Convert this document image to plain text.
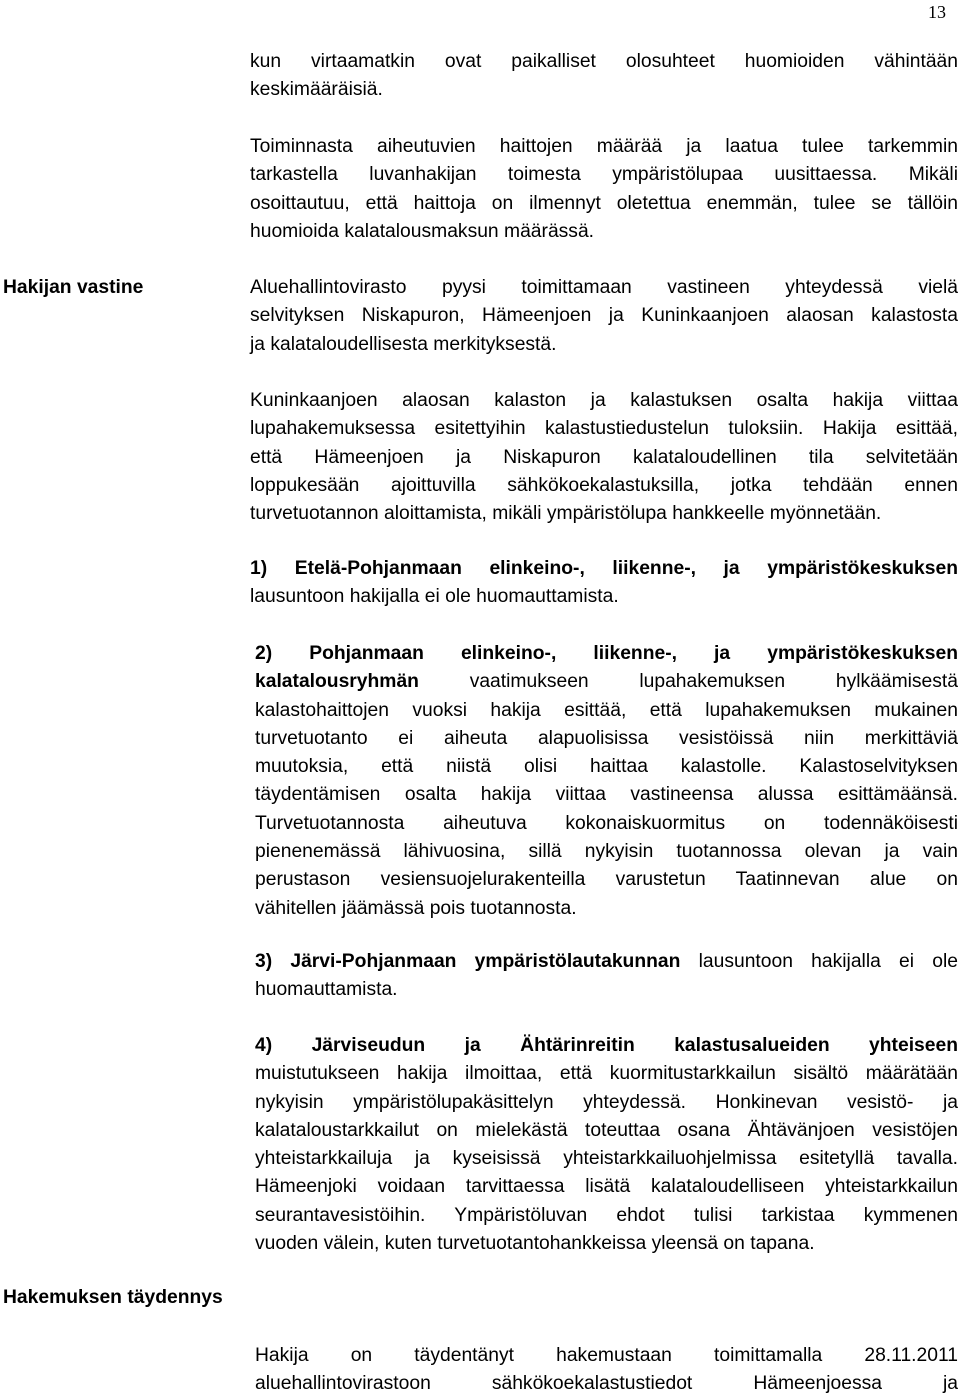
13
kun virtaamatkin ovat paikalliset olosuhteet huomioiden vähintään
keskimääräisiä.
Toiminnasta aiheutuvien haittojen määrää ja laatua tulee tarkemmin
tarkastella luvanhakijan toimesta ympäristölupaa uusittaessa. Mikäli
osoittautuu, että haittoja on ilmennyt oletettua enemmän, tulee se tällöin
huomioida kalatalousmaksun määrässä.
Hakijan vastine	Aluehallintovirasto pyysi toimittamaan vastineen yhteydessä vielä
selvityksen Niskapuron, Hämeenjoen ja Kuninkaanjoen alaosan kalastosta
ja kalataloudellisesta merkityksestä.
Kuninkaanjoen alaosan kalaston ja kalastuksen osalta hakija viittaa
lupahakemuksessa esitettyihin kalastustiedustelun tuloksiin. Hakija esittää,
että Hämeenjoen ja Niskapuron kalataloudellinen tila selvitetään
loppukesään ajoittuvilla sähkökoekalastuksilla, jotka tehdään ennen
turvetuotannon aloittamista, mikäli ympäristölupa hankkeelle myönnetään.
1) Etelä-Pohjanmaan elinkeino-, liikenne-, ja ympäristökeskuksen
lausuntoon hakijalla ei ole huomauttamista.
2) Pohjanmaan elinkeino-, liikenne-, ja ympäristökeskuksen
kalatalousryhmän	vaatimukseen lupahakemuksen hylkäämisestä
kalastohaittojen vuoksi hakija esittää, että lupahakemuksen mukainen
turvetuotanto ei aiheuta alapuolisissa vesistöissä niin merkittäviä
muutoksia, että niistä olisi haittaa kalastolle. Kalastoselvityksen
täydentämisen osalta hakija viittaa vastineensa alussa esittämäänsä.
Turvetuotannosta aiheutuva kokonaiskuormitus on todennäköisesti
pienenemässä lähivuosina, sillä nykyisin tuotannossa olevan ja vain
perustason vesiensuojelurakenteilla varustetun Taatinnevan alue on
vähitellen jäämässä pois tuotannosta.
3) Järvi-Pohjanmaan ympäristölautakunnan lausuntoon hakijalla ei ole
huomauttamista.
4) Järviseudun ja Ähtärinreitin kalastusalueiden yhteiseen
muistutukseen hakija ilmoittaa, että kuormitustarkkailun sisältö määrätään
nykyisin ympäristölupakäsittelyn yhteydessä. Honkinevan vesistö- ja
kalataloustarkkailut on mielekästä toteuttaa osana Ähtävänjoen vesistöjen
yhteistarkkailuja ja kyseisissä yhteistarkkailuohjelmissa esitetyllä tavalla.
Hämeenjoki voidaan tarvittaessa lisätä kalataloudelliseen yhteistarkkailun
seurantavesistöihin. Ympäristöluvan ehdot tulisi tarkistaa kymmenen
vuoden välein, kuten turvetuotantohankkeissa yleensä on tapana.
Hakemuksen täydennys
Hakija on täydentänyt hakemustaan toimittamalla 28.11.2011
aluehallintovirastoon sähkökoekalastustiedot Hämeenjoessa ja
